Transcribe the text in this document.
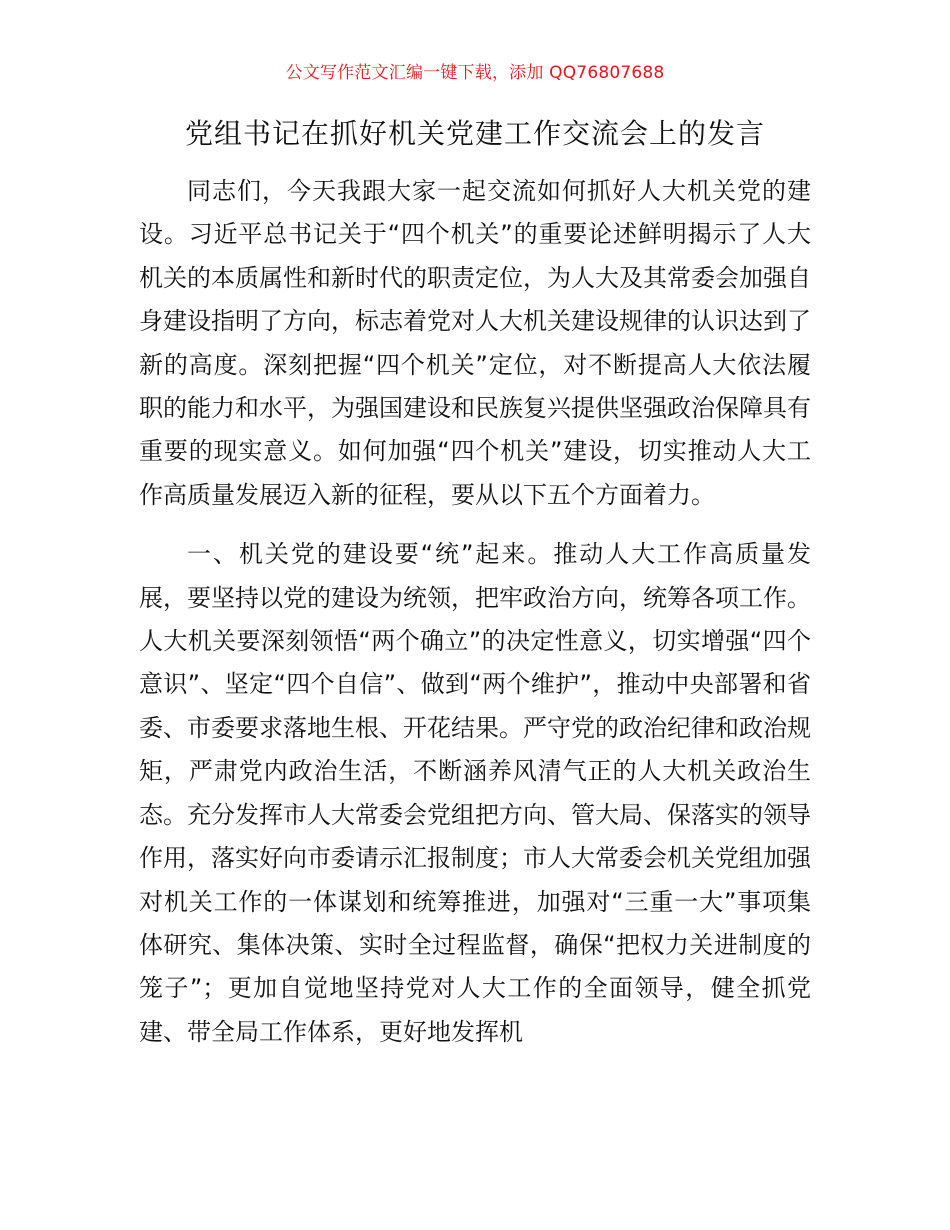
公文写作范文汇编一键下载，添加 QQ76807688
党组书记在抓好机关党建工作交流会上的发言

同志们，今天我跟大家一起交流如何抓好人大机关党的建设。习近平总书记关于“四个机关”的重要论述鲜明揭示了人大机关的本质属性和新时代的职责定位，为人大及其常委会加强自身建设指明了方向，标志着党对人大机关建设规律的认识达到了新的高度。深刻把握“四个机关”定位，对不断提高人大依法履职的能力和水平，为强国建设和民族复兴提供坚强政治保障具有重要的现实意义。如何加强“四个机关”建设，切实推动人大工作高质量发展迈入新的征程，要从以下五个方面着力。

一、机关党的建设要“统”起来。推动人大工作高质量发展，要坚持以党的建设为统领，把牢政治方向，统筹各项工作。人大机关要深刻领悟“两个确立”的决定性意义，切实增强“四个意识”、坚定“四个自信”、做到“两个维护”，推动中央部署和省委、市委要求落地生根、开花结果。严守党的政治纪律和政治规矩，严肃党内政治生活，不断涵养风清气正的人大机关政治生态。充分发挥市人大常委会党组把方向、管大局、保落实的领导作用，落实好向市委请示汇报制度；市人大常委会机关党组加强对机关工作的一体谋划和统筹推进，加强对“三重一大”事项集体研究、集体决策、实时全过程监督，确保“把权力关进制度的笼子”；更加自觉地坚持党对人大工作的全面领导，健全抓党建、带全局工作体系，更好地发挥机
